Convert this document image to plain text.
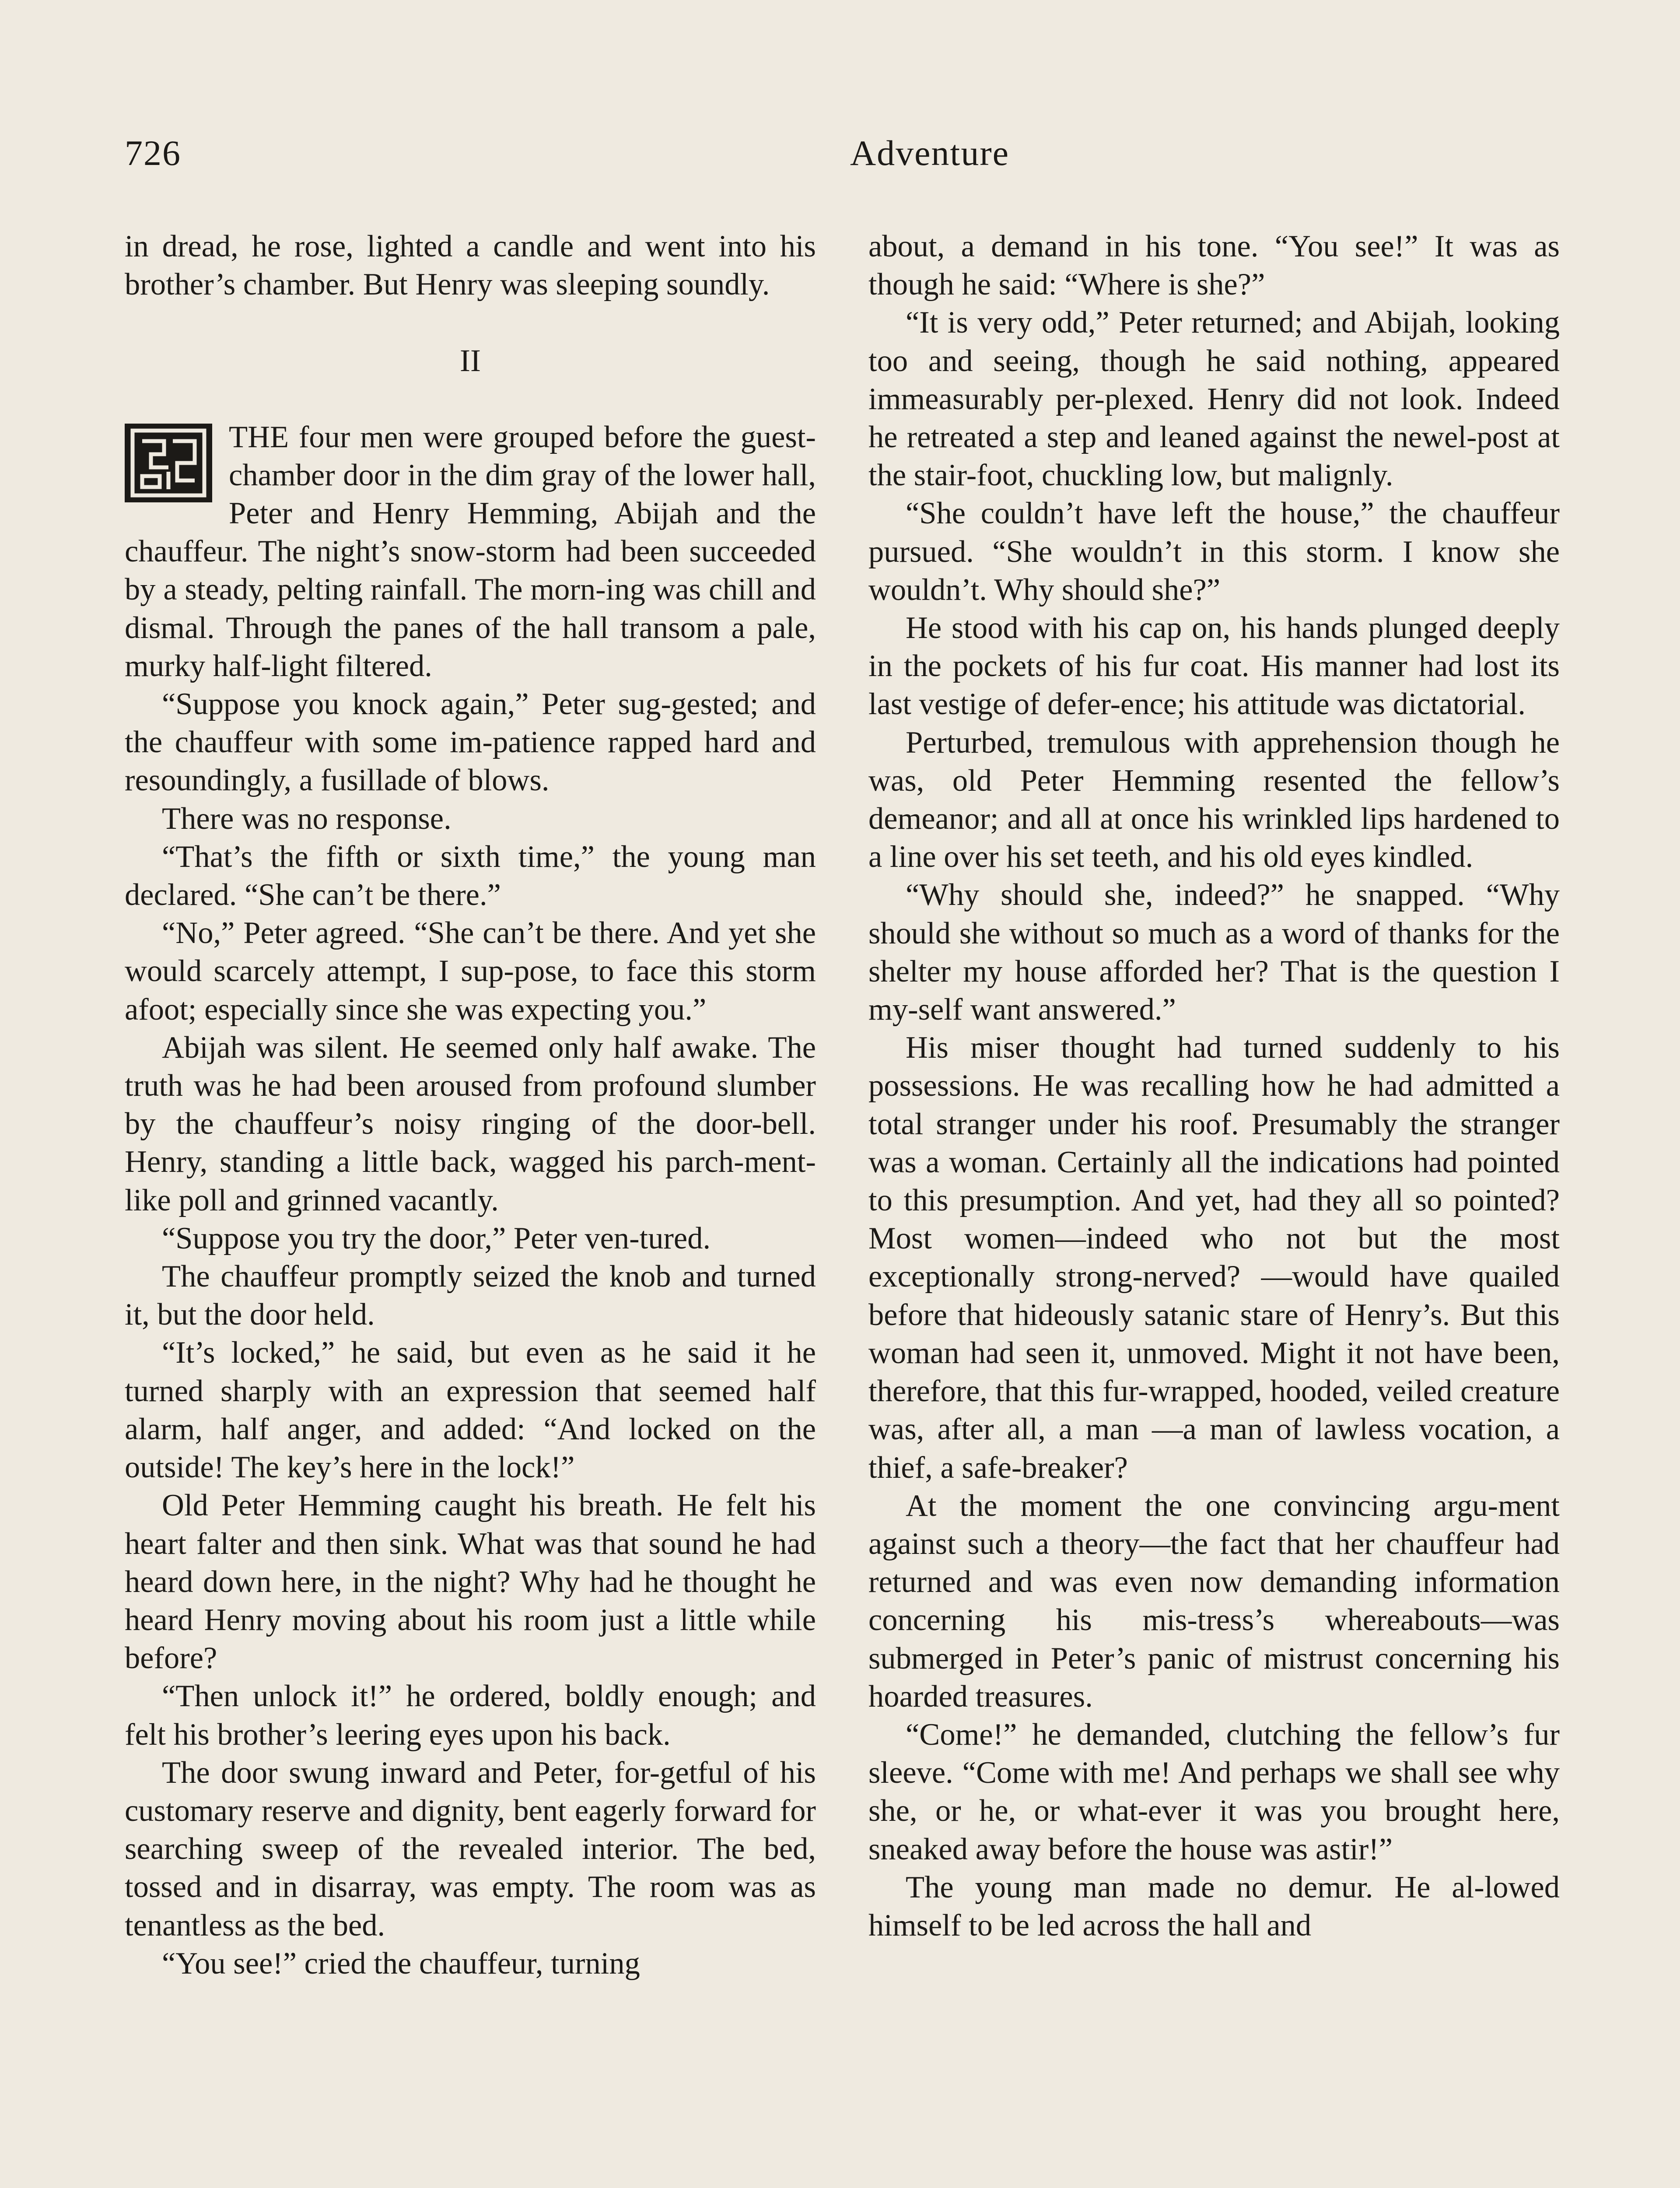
726	Adventure

in dread, he rose, lighted a candle and went into his brother’s chamber. But Henry was sleeping soundly.

II

THE four men were grouped before the guest-chamber door in the dim gray of the lower hall, Peter and Henry Hemming, Abijah and the chauffeur. The night’s snow-storm had been succeeded by a steady, pelting rainfall. The morn-ing was chill and dismal. Through the panes of the hall transom a pale, murky half-light filtered.

“Suppose you knock again,” Peter sug-gested; and the chauffeur with some im-patience rapped hard and resoundingly, a fusillade of blows.

There was no response.

“That’s the fifth or sixth time,” the young man declared. “She can’t be there.”

“No,” Peter agreed. “She can’t be there. And yet she would scarcely attempt, I sup-pose, to face this storm afoot; especially since she was expecting you.”

Abijah was silent. He seemed only half awake. The truth was he had been aroused from profound slumber by the chauffeur’s noisy ringing of the door-bell. Henry, standing a little back, wagged his parch-ment-like poll and grinned vacantly.

“Suppose you try the door,” Peter ven-tured.

The chauffeur promptly seized the knob and turned it, but the door held.

“It’s locked,” he said, but even as he said it he turned sharply with an expression that seemed half alarm, half anger, and added: “And locked on the outside! The key’s here in the lock!”

Old Peter Hemming caught his breath. He felt his heart falter and then sink. What was that sound he had heard down here, in the night? Why had he thought he heard Henry moving about his room just a little while before?

“Then unlock it!” he ordered, boldly enough; and felt his brother’s leering eyes upon his back.

The door swung inward and Peter, for-getful of his customary reserve and dignity, bent eagerly forward for searching sweep of the revealed interior. The bed, tossed and in disarray, was empty. The room was as tenantless as the bed.

“You see!” cried the chauffeur, turning

about, a demand in his tone. “You see!” It was as though he said: “Where is she?”

“It is very odd,” Peter returned; and Abijah, looking too and seeing, though he said nothing, appeared immeasurably per-plexed. Henry did not look. Indeed he retreated a step and leaned against the newel-post at the stair-foot, chuckling low, but malignly.

“She couldn’t have left the house,” the chauffeur pursued. “She wouldn’t in this storm. I know she wouldn’t. Why should she?”

He stood with his cap on, his hands plunged deeply in the pockets of his fur coat. His manner had lost its last vestige of defer-ence; his attitude was dictatorial.

Perturbed, tremulous with apprehension though he was, old Peter Hemming resented the fellow’s demeanor; and all at once his wrinkled lips hardened to a line over his set teeth, and his old eyes kindled.

“Why should she, indeed?” he snapped. “Why should she without so much as a word of thanks for the shelter my house afforded her? That is the question I my-self want answered.”

His miser thought had turned suddenly to his possessions. He was recalling how he had admitted a total stranger under his roof. Presumably the stranger was a woman. Certainly all the indications had pointed to this presumption. And yet, had they all so pointed? Most women—indeed who not but the most exceptionally strong-nerved? —would have quailed before that hideously satanic stare of Henry’s. But this woman had seen it, unmoved. Might it not have been, therefore, that this fur-wrapped, hooded, veiled creature was, after all, a man —a man of lawless vocation, a thief, a safe-breaker?

At the moment the one convincing argu-ment against such a theory—the fact that her chauffeur had returned and was even now demanding information concerning his mis-tress’s whereabouts—was submerged in Peter’s panic of mistrust concerning his hoarded treasures.

“Come!” he demanded, clutching the fellow’s fur sleeve. “Come with me! And perhaps we shall see why she, or he, or what-ever it was you brought here, sneaked away before the house was astir!”

The young man made no demur. He al-lowed himself to be led across the hall and
